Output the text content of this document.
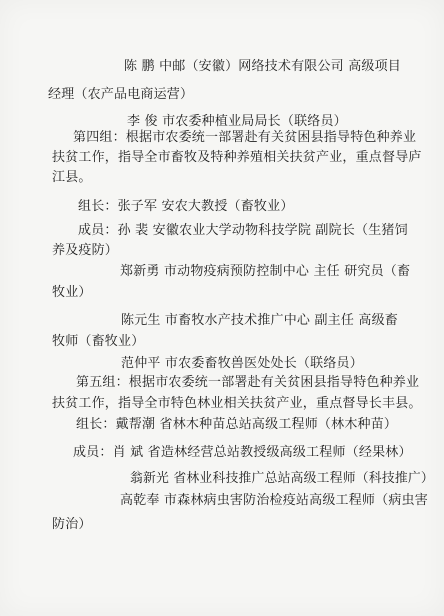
陈 鹏 中邮（安徽）网络技术有限公司 高级项目
经理（农产品电商运营）
李 俊 市农委种植业局局长（联络员）
第四组：根据市农委统一部署赴有关贫困县指导特色种养业
扶贫工作，指导全市畜牧及特种养殖相关扶贫产业，重点督导庐
江县。
组长：张子军 安农大教授（畜牧业）
成员：孙 裴 安徽农业大学动物科技学院 副院长（生猪饲
养及疫防）
郑新勇 市动物疫病预防控制中心 主任 研究员（畜
牧业）
陈元生 市畜牧水产技术推广中心 副主任 高级畜
牧师（畜牧业）
范仲平 市农委畜牧兽医处处长（联络员）
第五组：根据市农委统一部署赴有关贫困县指导特色种养业
扶贫工作，指导全市特色林业相关扶贫产业，重点督导长丰县。
组长：戴帮潮 省林木种苗总站高级工程师（林木种苗）
成员：肖 斌 省造林经营总站教授级高级工程师（经果林）
翁新光 省林业科技推广总站高级工程师（科技推广）
高乾奉 市森林病虫害防治检疫站高级工程师（病虫害
防治）
